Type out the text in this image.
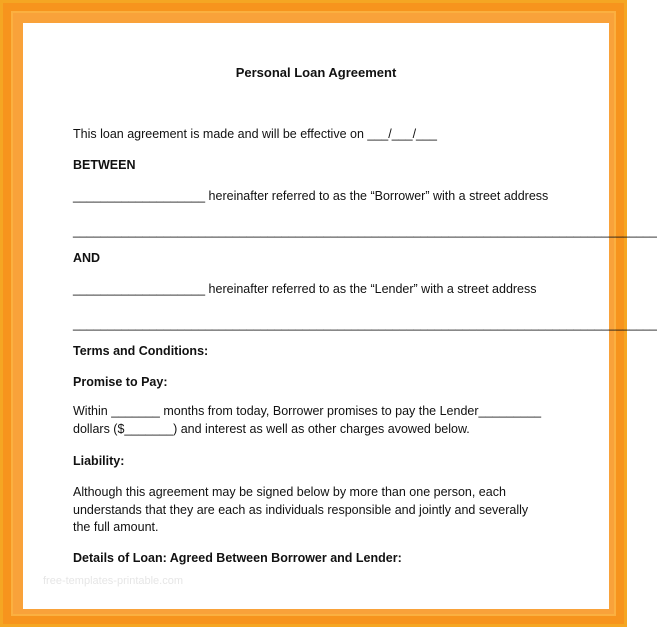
Personal Loan Agreement
This loan agreement is made and will be effective on ___/___/___
BETWEEN
___________________ hereinafter referred to as the “Borrower” with a street address
____________________________________________________________________________________
AND
___________________ hereinafter referred to as the “Lender” with a street address
____________________________________________________________________________________
Terms and Conditions:
Promise to Pay:
Within _______ months from today, Borrower promises to pay the Lender_________
dollars ($_______) and interest as well as other charges avowed below.
Liability:
Although this agreement may be signed below by more than one person, each
understands that they are each as individuals responsible and jointly and severally
the full amount.
Details of Loan: Agreed Between Borrower and Lender:
free-templates-printable.com
